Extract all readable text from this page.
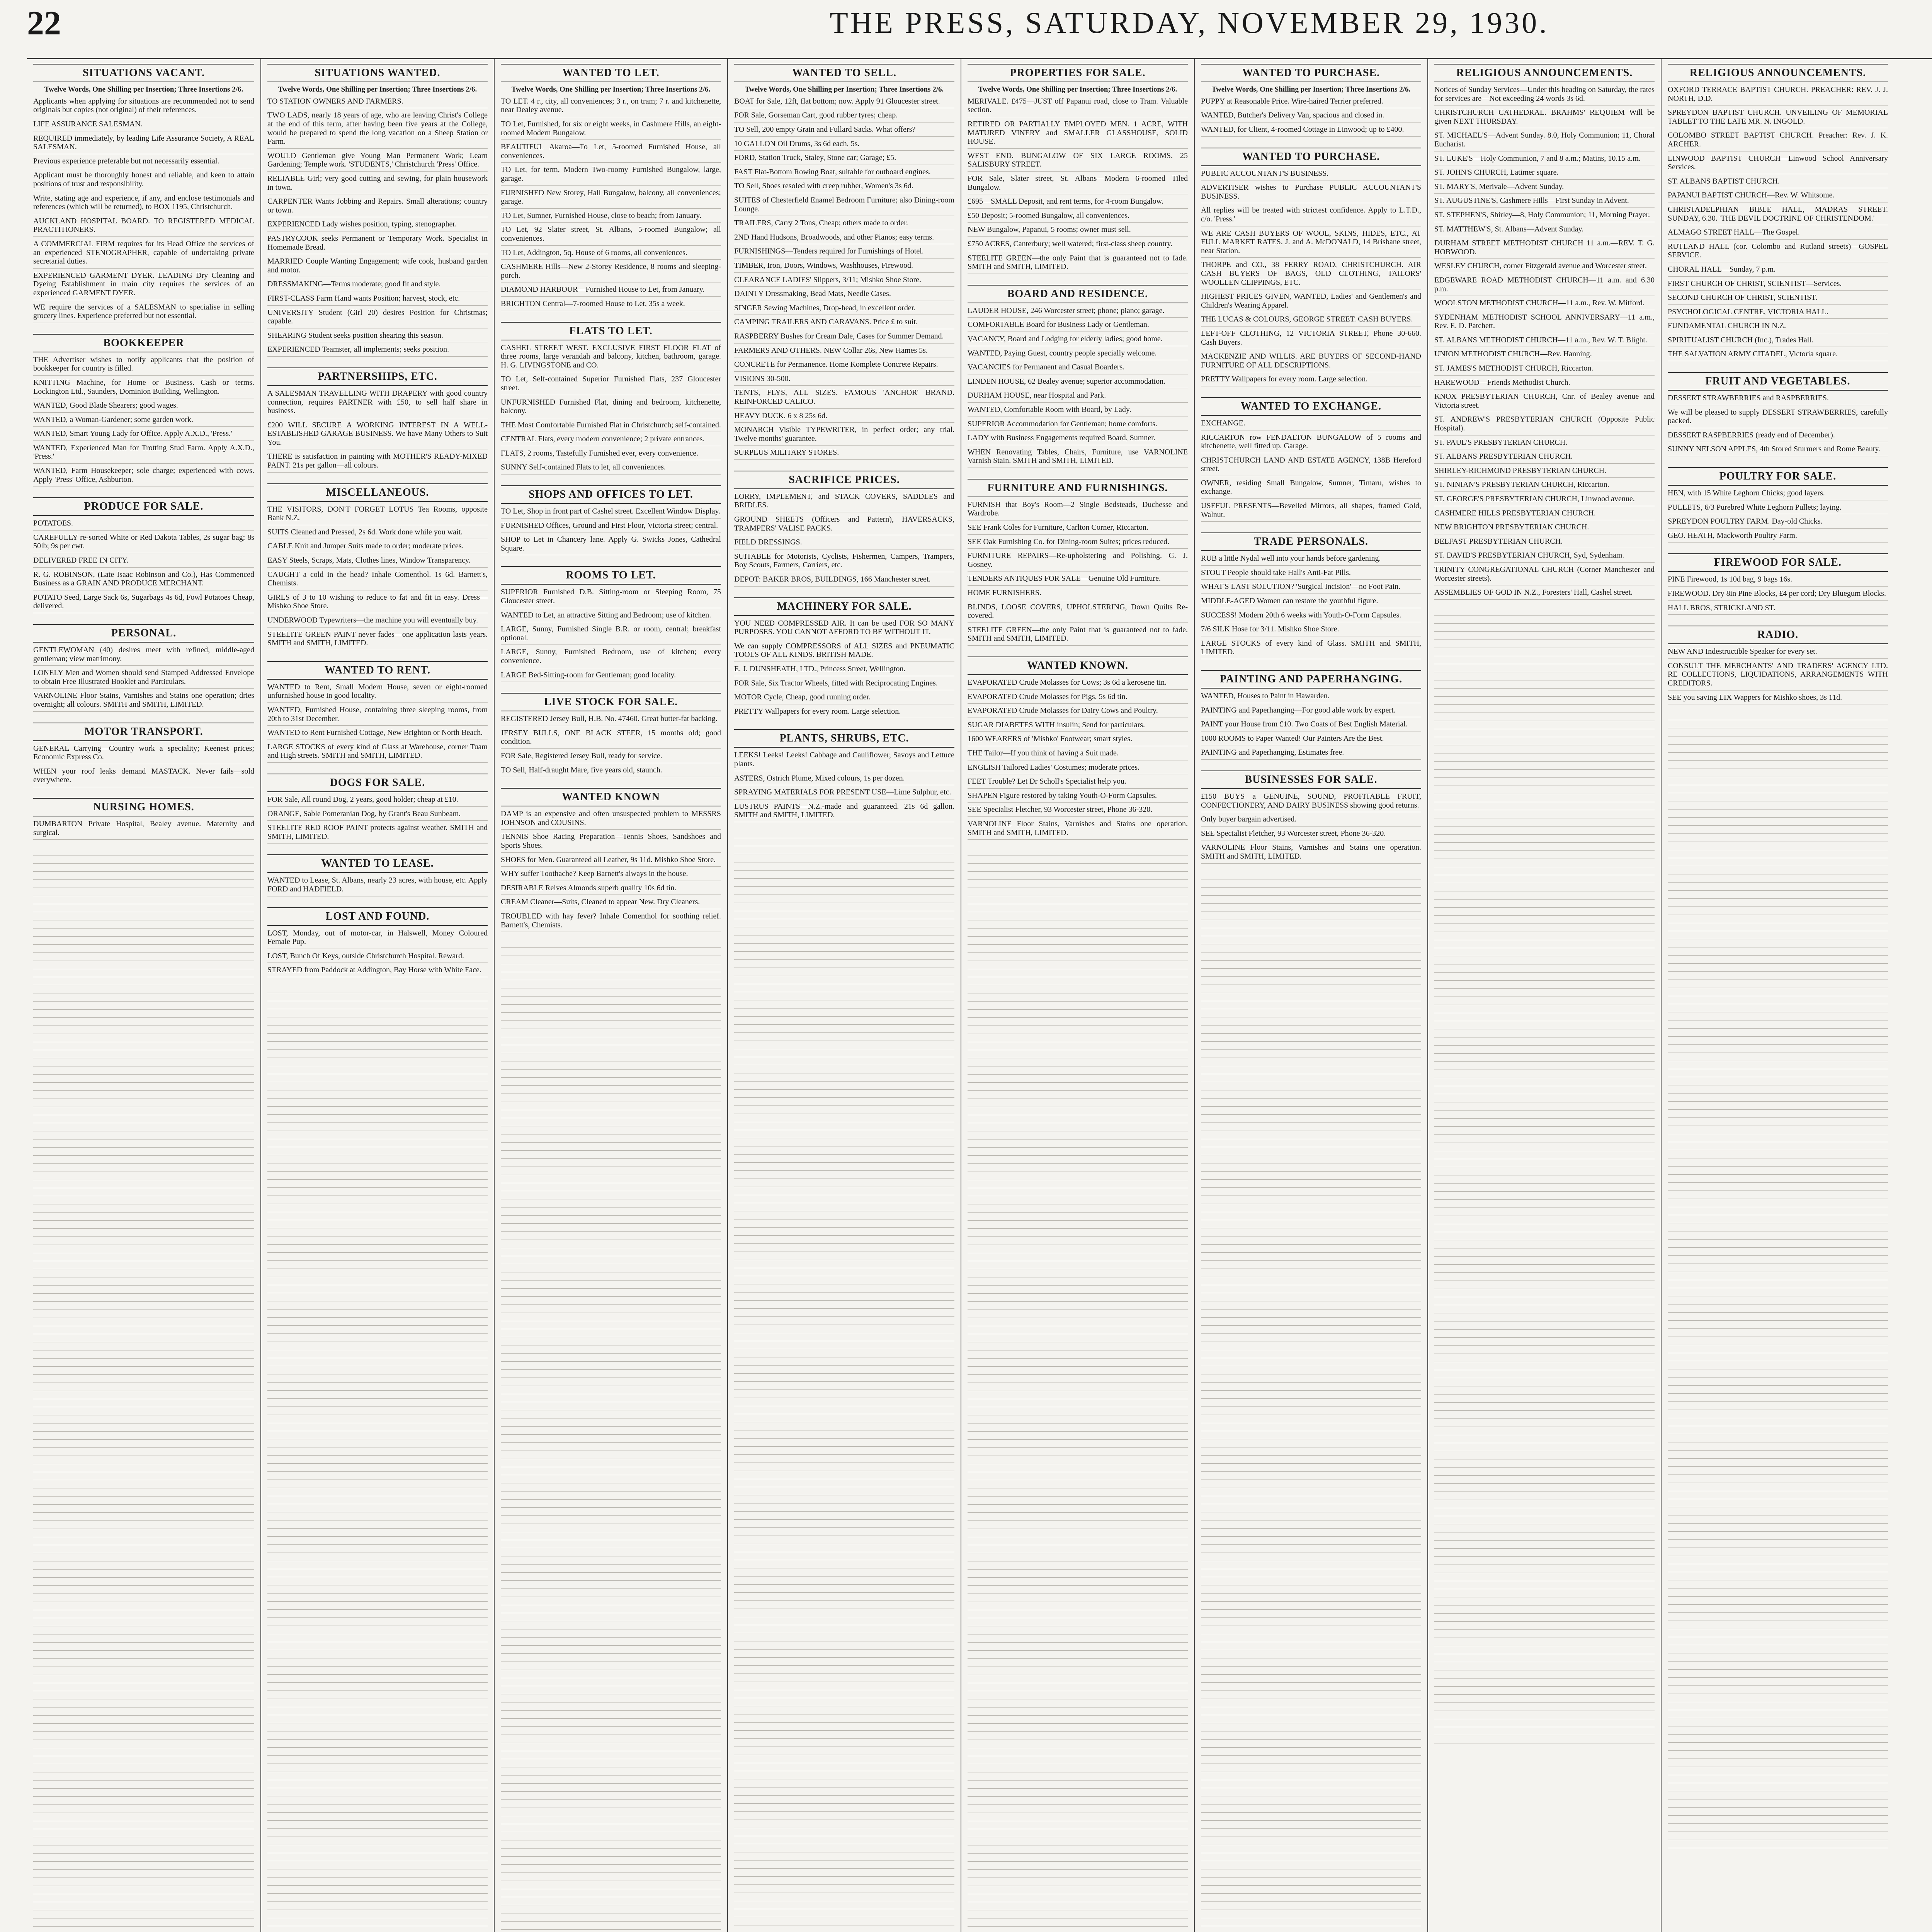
22	THE PRESS, SATURDAY, NOVEMBER 29, 1930.
SITUATIONS VACANT.
Twelve Words, One Shilling per Insertion; Three Insertions 2/6.

Applicants when applying for situations are recommended not to send originals but copies (not original) of their references.

LIFE ASSURANCE SALESMAN.

REQUIRED immediately, by leading Life Assurance Society, A REAL SALESMAN.

Previous experience preferable but not necessarily essential.

Applicant must be thoroughly honest and reliable, and keen to attain positions of trust and responsibility.

Write, stating age and experience, if any, and enclose testimonials and references (which will be returned), to BOX 1195, Christchurch.

AUCKLAND HOSPITAL BOARD. TO REGISTERED MEDICAL PRACTITIONERS.

A COMMERCIAL FIRM requires for its Head Office the services of an experienced STENOGRAPHER, capable of undertaking private secretarial duties.

EXPERIENCED GARMENT DYER. LEADING Dry Cleaning and Dyeing Establishment in main city requires the services of an experienced GARMENT DYER.

WE require the services of a SALESMAN to specialise in selling grocery lines. Experience preferred but not essential.

BOOKKEEPER

THE Advertiser wishes to notify applicants that the position of bookkeeper for country is filled.

KNITTING Machine, for Home or Business. Cash or terms. Lockington Ltd., Saunders, Dominion Building, Wellington.

WANTED, Good Blade Shearers; good wages.

WANTED, a Woman-Gardener; some garden work.

WANTED, Smart Young Lady for Office. Apply A.X.D., 'Press.'

WANTED, Experienced Man for Trotting Stud Farm. Apply A.X.D., 'Press.'

WANTED, Farm Housekeeper; sole charge; experienced with cows. Apply 'Press' Office, Ashburton.

PRODUCE FOR SALE.

POTATOES.

CAREFULLY re-sorted White or Red Dakota Tables, 2s sugar bag; 8s 50lb; 9s per cwt.

DELIVERED FREE IN CITY.

R. G. ROBINSON, (Late Isaac Robinson and Co.), Has Commenced Business as a GRAIN AND PRODUCE MERCHANT.

POTATO Seed, Large Sack 6s, Sugarbags 4s 6d, Fowl Potatoes Cheap, delivered.

PERSONAL.

GENTLEWOMAN (40) desires meet with refined, middle-aged gentleman; view matrimony.

LONELY Men and Women should send Stamped Addressed Envelope to obtain Free Illustrated Booklet and Particulars.

VARNOLINE Floor Stains, Varnishes and Stains one operation; dries overnight; all colours. SMITH and SMITH, LIMITED.

MOTOR TRANSPORT.

GENERAL Carrying—Country work a speciality; Keenest prices; Economic Express Co.

WHEN your roof leaks demand MASTACK. Never fails—sold everywhere.

NURSING HOMES.

DUMBARTON Private Hospital, Bealey avenue. Maternity and surgical.

SITUATIONS WANTED.
Twelve Words, One Shilling per Insertion; Three Insertions 2/6.

TO STATION OWNERS AND FARMERS.

TWO LADS, nearly 18 years of age, who are leaving Christ's College at the end of this term, after having been five years at the College, would be prepared to spend the long vacation on a Sheep Station or Farm.

WOULD Gentleman give Young Man Permanent Work; Learn Gardening; Temple work. 'STUDENTS,' Christchurch 'Press' Office.

RELIABLE Girl; very good cutting and sewing, for plain housework in town.

CARPENTER Wants Jobbing and Repairs. Small alterations; country or town.

EXPERIENCED Lady wishes position, typing, stenographer.

PASTRYCOOK seeks Permanent or Temporary Work. Specialist in Homemade Bread.

MARRIED Couple Wanting Engagement; wife cook, husband garden and motor.

DRESSMAKING—Terms moderate; good fit and style.

FIRST-CLASS Farm Hand wants Position; harvest, stock, etc.

UNIVERSITY Student (Girl 20) desires Position for Christmas; capable.

SHEARING Student seeks position shearing this season.

EXPERIENCED Teamster, all implements; seeks position.

PARTNERSHIPS, ETC.

A SALESMAN TRAVELLING WITH DRAPERY with good country connection, requires PARTNER with £50, to sell half share in business.

£200 WILL SECURE A WORKING INTEREST IN A WELL-ESTABLISHED GARAGE BUSINESS. We have Many Others to Suit You.

THERE is satisfaction in painting with MOTHER'S READY-MIXED PAINT. 21s per gallon—all colours.

MISCELLANEOUS.

THE VISITORS, DON'T FORGET LOTUS Tea Rooms, opposite Bank N.Z.

SUITS Cleaned and Pressed, 2s 6d. Work done while you wait.

CABLE Knit and Jumper Suits made to order; moderate prices.

EASY Steels, Scraps, Mats, Clothes lines, Window Transparency.

CAUGHT a cold in the head? Inhale Comenthol. 1s 6d. Barnett's, Chemists.

GIRLS of 3 to 10 wishing to reduce to fat and fit in easy. Dress—Mishko Shoe Store.

UNDERWOOD Typewriters—the machine you will eventually buy.

STEELITE GREEN PAINT never fades—one application lasts years. SMITH and SMITH, LIMITED.

WANTED TO RENT.

WANTED to Rent, Small Modern House, seven or eight-roomed unfurnished house in good locality.

WANTED, Furnished House, containing three sleeping rooms, from 20th to 31st December.

WANTED to Rent Furnished Cottage, New Brighton or North Beach.

LARGE STOCKS of every kind of Glass at Warehouse, corner Tuam and High streets. SMITH and SMITH, LIMITED.

DOGS FOR SALE.

FOR Sale, All round Dog, 2 years, good holder; cheap at £10.

ORANGE, Sable Pomeranian Dog, by Grant's Beau Sunbeam.

STEELITE RED ROOF PAINT protects against weather. SMITH and SMITH, LIMITED.

WANTED TO LEASE.

WANTED to Lease, St. Albans, nearly 23 acres, with house, etc. Apply FORD and HADFIELD.

LOST AND FOUND.

LOST, Monday, out of motor-car, in Halswell, Money Coloured Female Pup.

LOST, Bunch Of Keys, outside Christchurch Hospital. Reward.

STRAYED from Paddock at Addington, Bay Horse with White Face.

WANTED TO LET.
Twelve Words, One Shilling per Insertion; Three Insertions 2/6.

TO LET. 4 r., city, all conveniences; 3 r., on tram; 7 r. and kitchenette, near Dealey avenue.

TO Let, Furnished, for six or eight weeks, in Cashmere Hills, an eight-roomed Modern Bungalow.

BEAUTIFUL Akaroa—To Let, 5-roomed Furnished House, all conveniences.

TO Let, for term, Modern Two-roomy Furnished Bungalow, large, garage.

FURNISHED New Storey, Hall Bungalow, balcony, all conveniences; garage.

TO Let, Sumner, Furnished House, close to beach; from January.

TO Let, 92 Slater street, St. Albans, 5-roomed Bungalow; all conveniences.

TO Let, Addington, 5q. House of 6 rooms, all conveniences.

CASHMERE Hills—New 2-Storey Residence, 8 rooms and sleeping-porch.

DIAMOND HARBOUR—Furnished House to Let, from January.

BRIGHTON Central—7-roomed House to Let, 35s a week.

FLATS TO LET.

CASHEL STREET WEST. EXCLUSIVE FIRST FLOOR FLAT of three rooms, large verandah and balcony, kitchen, bathroom, garage. H. G. LIVINGSTONE and CO.

TO Let, Self-contained Superior Furnished Flats, 237 Gloucester street.

UNFURNISHED Furnished Flat, dining and bedroom, kitchenette, balcony.

THE Most Comfortable Furnished Flat in Christchurch; self-contained.

CENTRAL Flats, every modern convenience; 2 private entrances.

FLATS, 2 rooms, Tastefully Furnished ever, every convenience.

SUNNY Self-contained Flats to let, all conveniences.

SHOPS AND OFFICES TO LET.

TO Let, Shop in front part of Cashel street. Excellent Window Display.

FURNISHED Offices, Ground and First Floor, Victoria street; central.

SHOP to Let in Chancery lane. Apply G. Swicks Jones, Cathedral Square.

ROOMS TO LET.

SUPERIOR Furnished D.B. Sitting-room or Sleeping Room, 75 Gloucester street.

WANTED to Let, an attractive Sitting and Bedroom; use of kitchen.

LARGE, Sunny, Furnished Single B.R. or room, central; breakfast optional.

LARGE, Sunny, Furnished Bedroom, use of kitchen; every convenience.

LARGE Bed-Sitting-room for Gentleman; good locality.

LIVE STOCK FOR SALE.

REGISTERED Jersey Bull, H.B. No. 47460. Great butter-fat backing.

JERSEY BULLS, ONE BLACK STEER, 15 months old; good condition.

FOR Sale, Registered Jersey Bull, ready for service.

TO Sell, Half-draught Mare, five years old, staunch.

WANTED KNOWN

DAMP is an expensive and often unsuspected problem to MESSRS JOHNSON and COUSINS.

TENNIS Shoe Racing Preparation—Tennis Shoes, Sandshoes and Sports Shoes.

SHOES for Men. Guaranteed all Leather, 9s 11d. Mishko Shoe Store.

WHY suffer Toothache? Keep Barnett's always in the house.

DESIRABLE Reives Almonds superb quality 10s 6d tin.

CREAM Cleaner—Suits, Cleaned to appear New. Dry Cleaners.

TROUBLED with hay fever? Inhale Comenthol for soothing relief. Barnett's, Chemists.

WANTED TO SELL.
Twelve Words, One Shilling per Insertion; Three Insertions 2/6.

BOAT for Sale, 12ft, flat bottom; now. Apply 91 Gloucester street.

FOR Sale, Gorseman Cart, good rubber tyres; cheap.

TO Sell, 200 empty Grain and Fullard Sacks. What offers?

10 GALLON Oil Drums, 3s 6d each, 5s.

FORD, Station Truck, Staley, Stone car; Garage; £5.

FAST Flat-Bottom Rowing Boat, suitable for outboard engines.

TO Sell, Shoes resoled with creep rubber, Women's 3s 6d.

SUITES of Chesterfield Enamel Bedroom Furniture; also Dining-room Lounge.

TRAILERS, Carry 2 Tons, Cheap; others made to order.

2ND Hand Hudsons, Broadwoods, and other Pianos; easy terms.

FURNISHINGS—Tenders required for Furnishings of Hotel.

TIMBER, Iron, Doors, Windows, Washhouses, Firewood.

CLEARANCE LADIES' Slippers, 3/11; Mishko Shoe Store.

DAINTY Dressmaking, Bead Mats, Needle Cases.

SINGER Sewing Machines, Drop-head, in excellent order.

CAMPING TRAILERS AND CARAVANS. Price £ to suit.

RASPBERRY Bushes for Cream Dale, Cases for Summer Demand.

FARMERS AND OTHERS. NEW Collar 26s, New Hames 5s.

CONCRETE for Permanence. Home Komplete Concrete Repairs.

VISIONS 30-500.

TENTS, FLYS, ALL SIZES. FAMOUS 'ANCHOR' BRAND. REINFORCED CALICO.

HEAVY DUCK. 6 x 8 25s 6d.

MONARCH Visible TYPEWRITER, in perfect order; any trial. Twelve months' guarantee.

SURPLUS MILITARY STORES.

SACRIFICE PRICES.

LORRY, IMPLEMENT, and STACK COVERS, SADDLES and BRIDLES.

GROUND SHEETS (Officers and Pattern), HAVERSACKS, TRAMPERS' VALISE PACKS.

FIELD DRESSINGS.

SUITABLE for Motorists, Cyclists, Fishermen, Campers, Trampers, Boy Scouts, Farmers, Carriers, etc.

DEPOT: BAKER BROS, BUILDINGS, 166 Manchester street.

MACHINERY FOR SALE.

YOU NEED COMPRESSED AIR. It can be used FOR SO MANY PURPOSES. YOU CANNOT AFFORD TO BE WITHOUT IT.

We can supply COMPRESSORS of ALL SIZES and PNEUMATIC TOOLS OF ALL KINDS. BRITISH MADE.

E. J. DUNSHEATH, LTD., Princess Street, Wellington.

FOR Sale, Six Tractor Wheels, fitted with Reciprocating Engines.

MOTOR Cycle, Cheap, good running order.

PRETTY Wallpapers for every room. Large selection.

PLANTS, SHRUBS, ETC.

LEEKS! Leeks! Leeks! Cabbage and Cauliflower, Savoys and Lettuce plants.

ASTERS, Ostrich Plume, Mixed colours, 1s per dozen.

SPRAYING MATERIALS FOR PRESENT USE—Lime Sulphur, etc.

LUSTRUS PAINTS—N.Z.-made and guaranteed. 21s 6d gallon. SMITH and SMITH, LIMITED.

PROPERTIES FOR SALE.
Twelve Words, One Shilling per Insertion; Three Insertions 2/6.

MERIVALE. £475—JUST off Papanui road, close to Tram. Valuable section.

RETIRED OR PARTIALLY EMPLOYED MEN. 1 ACRE, WITH MATURED VINERY and SMALLER GLASSHOUSE, SOLID HOUSE.

WEST END. BUNGALOW OF SIX LARGE ROOMS. 25 SALISBURY STREET.

FOR Sale, Slater street, St. Albans—Modern 6-roomed Tiled Bungalow.

£695—SMALL Deposit, and rent terms, for 4-room Bungalow.

£50 Deposit; 5-roomed Bungalow, all conveniences.

NEW Bungalow, Papanui, 5 rooms; owner must sell.

£750 ACRES, Canterbury; well watered; first-class sheep country.

STEELITE GREEN—the only Paint that is guaranteed not to fade. SMITH and SMITH, LIMITED.

BOARD AND RESIDENCE.

LAUDER HOUSE, 246 Worcester street; phone; piano; garage.

COMFORTABLE Board for Business Lady or Gentleman.

VACANCY, Board and Lodging for elderly ladies; good home.

WANTED, Paying Guest, country people specially welcome.

VACANCIES for Permanent and Casual Boarders.

LINDEN HOUSE, 62 Bealey avenue; superior accommodation.

DURHAM HOUSE, near Hospital and Park.

WANTED, Comfortable Room with Board, by Lady.

SUPERIOR Accommodation for Gentleman; home comforts.

LADY with Business Engagements required Board, Sumner.

WHEN Renovating Tables, Chairs, Furniture, use VARNOLINE Varnish Stain. SMITH and SMITH, LIMITED.

FURNITURE AND FURNISHINGS.

FURNISH that Boy's Room—2 Single Bedsteads, Duchesse and Wardrobe.

SEE Frank Coles for Furniture, Carlton Corner, Riccarton.

SEE Oak Furnishing Co. for Dining-room Suites; prices reduced.

FURNITURE REPAIRS—Re-upholstering and Polishing. G. J. Gosney.

TENDERS ANTIQUES FOR SALE—Genuine Old Furniture.

HOME FURNISHERS.

BLINDS, LOOSE COVERS, UPHOLSTERING, Down Quilts Re-covered.

STEELITE GREEN—the only Paint that is guaranteed not to fade. SMITH and SMITH, LIMITED.

WANTED KNOWN.

EVAPORATED Crude Molasses for Cows; 3s 6d a kerosene tin.

EVAPORATED Crude Molasses for Pigs, 5s 6d tin.

EVAPORATED Crude Molasses for Dairy Cows and Poultry.

SUGAR DIABETES WITH insulin; Send for particulars.

1600 WEARERS of 'Mishko' Footwear; smart styles.

THE Tailor—If you think of having a Suit made.

ENGLISH Tailored Ladies' Costumes; moderate prices.

FEET Trouble? Let Dr Scholl's Specialist help you.

SHAPEN Figure restored by taking Youth-O-Form Capsules.

SEE Specialist Fletcher, 93 Worcester street, Phone 36-320.

VARNOLINE Floor Stains, Varnishes and Stains one operation. SMITH and SMITH, LIMITED.

WANTED TO PURCHASE.
Twelve Words, One Shilling per Insertion; Three Insertions 2/6.

PUPPY at Reasonable Price. Wire-haired Terrier preferred.

WANTED, Butcher's Delivery Van, spacious and closed in.

WANTED, for Client, 4-roomed Cottage in Linwood; up to £400.

WANTED TO PURCHASE.

PUBLIC ACCOUNTANT'S BUSINESS.

ADVERTISER wishes to Purchase PUBLIC ACCOUNTANT'S BUSINESS.

All replies will be treated with strictest confidence. Apply to L.T.D., c/o. 'Press.'

WE ARE CASH BUYERS OF WOOL, SKINS, HIDES, ETC., AT FULL MARKET RATES. J. and A. McDONALD, 14 Brisbane street, near Station.

THORPE and CO., 38 FERRY ROAD, CHRISTCHURCH. AIR CASH BUYERS OF BAGS, OLD CLOTHING, TAILORS' WOOLLEN CLIPPINGS, ETC.

HIGHEST PRICES GIVEN, WANTED, Ladies' and Gentlemen's and Children's Wearing Apparel.

THE LUCAS & COLOURS, GEORGE STREET. CASH BUYERS.

LEFT-OFF CLOTHING, 12 VICTORIA STREET, Phone 30-660. Cash Buyers.

MACKENZIE AND WILLIS. ARE BUYERS OF SECOND-HAND FURNITURE OF ALL DESCRIPTIONS.

PRETTY Wallpapers for every room. Large selection.

WANTED TO EXCHANGE.

EXCHANGE.

RICCARTON row FENDALTON BUNGALOW of 5 rooms and kitchenette, well fitted up. Garage.

CHRISTCHURCH LAND AND ESTATE AGENCY, 138B Hereford street.

OWNER, residing Small Bungalow, Sumner, Timaru, wishes to exchange.

USEFUL PRESENTS—Bevelled Mirrors, all shapes, framed Gold, Walnut.

TRADE PERSONALS.

RUB a little Nydal well into your hands before gardening.

STOUT People should take Hall's Anti-Fat Pills.

WHAT'S LAST SOLUTION? 'Surgical Incision'—no Foot Pain.

MIDDLE-AGED Women can restore the youthful figure.

SUCCESS! Modern 20th 6 weeks with Youth-O-Form Capsules.

7/6 SILK Hose for 3/11. Mishko Shoe Store.

LARGE STOCKS of every kind of Glass. SMITH and SMITH, LIMITED.

PAINTING AND PAPERHANGING.

WANTED, Houses to Paint in Hawarden.

PAINTING and Paperhanging—For good able work by expert.

PAINT your House from £10. Two Coats of Best English Material.

1000 ROOMS to Paper Wanted! Our Painters Are the Best.

PAINTING and Paperhanging, Estimates free.

BUSINESSES FOR SALE.

£150 BUYS a GENUINE, SOUND, PROFITABLE FRUIT, CONFECTIONERY, AND DAIRY BUSINESS showing good returns.

Only buyer bargain advertised.

SEE Specialist Fletcher, 93 Worcester street, Phone 36-320.

VARNOLINE Floor Stains, Varnishes and Stains one operation. SMITH and SMITH, LIMITED.

RELIGIOUS ANNOUNCEMENTS.

Notices of Sunday Services—Under this heading on Saturday, the rates for services are—Not exceeding 24 words 3s 6d.

CHRISTCHURCH CATHEDRAL. BRAHMS' REQUIEM Will be given NEXT THURSDAY.

ST. MICHAEL'S—Advent Sunday. 8.0, Holy Communion; 11, Choral Eucharist.

ST. LUKE'S—Holy Communion, 7 and 8 a.m.; Matins, 10.15 a.m.

ST. JOHN'S CHURCH, Latimer square.

ST. MARY'S, Merivale—Advent Sunday.

ST. AUGUSTINE'S, Cashmere Hills—First Sunday in Advent.

ST. STEPHEN'S, Shirley—8, Holy Communion; 11, Morning Prayer.

ST. MATTHEW'S, St. Albans—Advent Sunday.

DURHAM STREET METHODIST CHURCH 11 a.m.—REV. T. G. HOBWOOD.

WESLEY CHURCH, corner Fitzgerald avenue and Worcester street.

EDGEWARE ROAD METHODIST CHURCH—11 a.m. and 6.30 p.m.

WOOLSTON METHODIST CHURCH—11 a.m., Rev. W. Mitford.

SYDENHAM METHODIST SCHOOL ANNIVERSARY—11 a.m., Rev. E. D. Patchett.

ST. ALBANS METHODIST CHURCH—11 a.m., Rev. W. T. Blight.

UNION METHODIST CHURCH—Rev. Hanning.

ST. JAMES'S METHODIST CHURCH, Riccarton.

HAREWOOD—Friends Methodist Church.

KNOX PRESBYTERIAN CHURCH, Cnr. of Bealey avenue and Victoria street.

ST. ANDREW'S PRESBYTERIAN CHURCH (Opposite Public Hospital).

ST. PAUL'S PRESBYTERIAN CHURCH.

ST. ALBANS PRESBYTERIAN CHURCH.

SHIRLEY-RICHMOND PRESBYTERIAN CHURCH.

ST. NINIAN'S PRESBYTERIAN CHURCH, Riccarton.

ST. GEORGE'S PRESBYTERIAN CHURCH, Linwood avenue.

CASHMERE HILLS PRESBYTERIAN CHURCH.

NEW BRIGHTON PRESBYTERIAN CHURCH.

BELFAST PRESBYTERIAN CHURCH.

ST. DAVID'S PRESBYTERIAN CHURCH, Syd, Sydenham.

TRINITY CONGREGATIONAL CHURCH (Corner Manchester and Worcester streets).

ASSEMBLIES OF GOD IN N.Z., Foresters' Hall, Cashel street.

RELIGIOUS ANNOUNCEMENTS.

OXFORD TERRACE BAPTIST CHURCH. PREACHER: REV. J. J. NORTH, D.D.

SPREYDON BAPTIST CHURCH. UNVEILING OF MEMORIAL TABLET TO THE LATE MR. N. INGOLD.

COLOMBO STREET BAPTIST CHURCH. Preacher: Rev. J. K. ARCHER.

LINWOOD BAPTIST CHURCH—Linwood School Anniversary Services.

ST. ALBANS BAPTIST CHURCH.

PAPANUI BAPTIST CHURCH—Rev. W. Whitsome.

CHRISTADELPHIAN BIBLE HALL, MADRAS STREET. SUNDAY, 6.30. 'THE DEVIL DOCTRINE OF CHRISTENDOM.'

ALMAGO STREET HALL—The Gospel.

RUTLAND HALL (cor. Colombo and Rutland streets)—GOSPEL SERVICE.

CHORAL HALL—Sunday, 7 p.m.

FIRST CHURCH OF CHRIST, SCIENTIST—Services.

SECOND CHURCH OF CHRIST, SCIENTIST.

PSYCHOLOGICAL CENTRE, VICTORIA HALL.

FUNDAMENTAL CHURCH IN N.Z.

SPIRITUALIST CHURCH (Inc.), Trades Hall.

THE SALVATION ARMY CITADEL, Victoria square.

FRUIT AND VEGETABLES.

DESSERT STRAWBERRIES and RASPBERRIES.

We will be pleased to supply DESSERT STRAWBERRIES, carefully packed.

DESSERT RASPBERRIES (ready end of December).

SUNNY NELSON APPLES, 4th Stored Sturmers and Rome Beauty.

POULTRY FOR SALE.

HEN, with 15 White Leghorn Chicks; good layers.

PULLETS, 6/3 Purebred White Leghorn Pullets; laying.

SPREYDON POULTRY FARM. Day-old Chicks.

GEO. HEATH, Mackworth Poultry Farm.

FIREWOOD FOR SALE.

PINE Firewood, 1s 10d bag, 9 bags 16s.

FIREWOOD. Dry 8in Pine Blocks, £4 per cord; Dry Bluegum Blocks.

HALL BROS, STRICKLAND ST.

RADIO.

NEW AND Indestructible Speaker for every set.

CONSULT THE MERCHANTS' AND TRADERS' AGENCY LTD. RE COLLECTIONS, LIQUIDATIONS, ARRANGEMENTS WITH CREDITORS.

SEE you saving LIX Wappers for Mishko shoes, 3s 11d.
